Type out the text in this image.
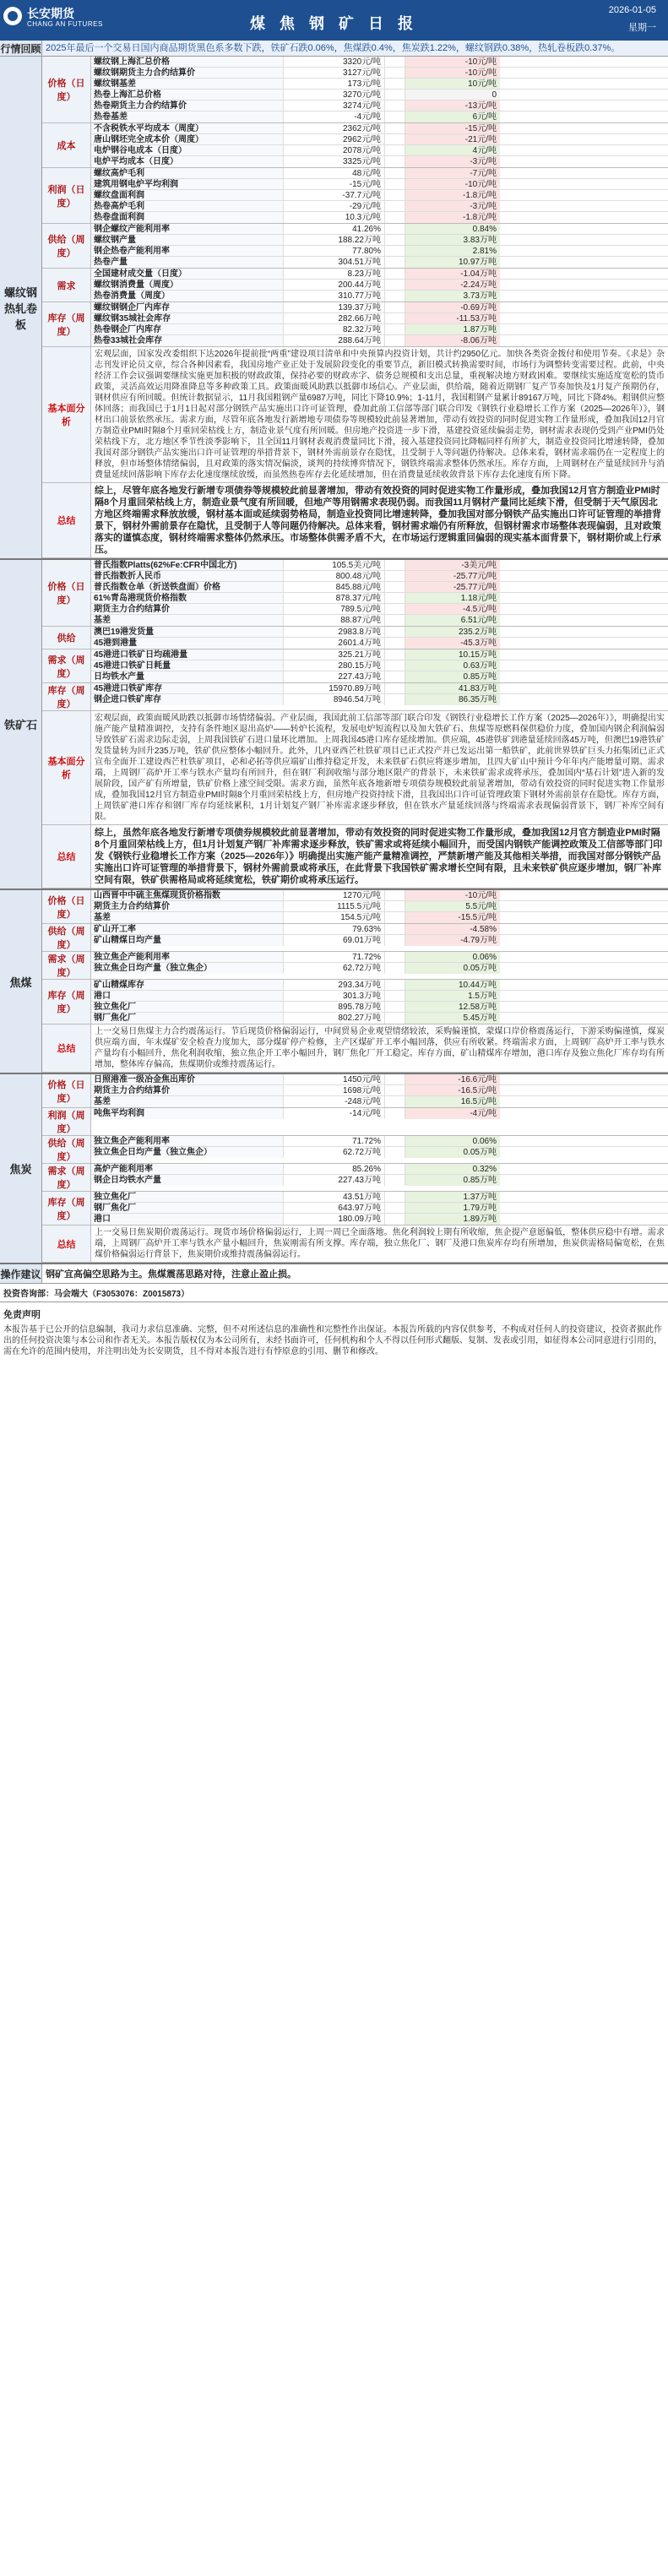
长安期货
CHANG AN FUTURES	煤 焦 钢 矿 日 报
2026-01-05
星期一
行情回顾 2025年最后一个交易日国内商品期货黑色系多数下跌，铁矿石跌0.06%，焦煤跌0.4%，焦炭跌1.22%，螺纹钢跌0.38%，热轧卷板跌0.37%。
螺纹钢热轧卷板
价格（日度）
螺纹钢上海汇总价格	3320元/吨	-10元/吨
螺纹钢期货主力合约结算价	3127元/吨	-10元/吨
螺纹钢基差	173元/吨	10元/吨
热卷上海汇总价格	3270元/吨	0
热卷期货主力合约结算价	3274元/吨	-13元/吨
热卷基差	-4元/吨	6元/吨
成本
不含税铁水平均成本（周度）	2362元/吨	-15元/吨
唐山钢坯完全成本价（周度）	2962元/吨	-21元/吨
电炉钢谷电成本（日度）	2078元/吨	4元/吨
电炉平均成本（日度）	3325元/吨	-3元/吨
利润（日度）
螺纹高炉毛利	48元/吨	-7元/吨
建筑用钢电炉平均利润	-15元/吨	-10元/吨
螺纹盘面利润	-37.7元/吨	-1.8元/吨
热卷高炉毛利	-29元/吨	-3元/吨
热卷盘面利润	10.3元/吨	-1.8元/吨
供给（周度）
钢企螺纹产能利用率	41.26%	0.84%
螺纹钢产量	188.22万吨	3.83万吨
钢企热卷产能利用率	77.80%	2.81%
热卷产量	304.51万吨	10.97万吨
需求
全国建材成交量（日度）	8.23万吨	-1.04万吨
螺纹钢消费量（周度）	200.44万吨	-2.24万吨
热卷消费量（周度）	310.77万吨	3.73万吨
库存（周度）
螺纹钢钢企厂内库存	139.37万吨	-0.69万吨
螺纹钢35城社会库存	282.66万吨	-11.53万吨
热卷钢企厂内库存	82.32万吨	1.87万吨
热卷33城社会库存	288.64万吨	-8.06万吨
基本面分析
宏观层面，国家发改委组织下达2026年提前批“两重”建设项目清单和中央预算内投资计划，共计约2950亿元。加快各类资金拨付和使用节奏。《求是》杂志刊发评论员文章，综合各种因素看，我国房地产业正处于发展阶段变化的重要节点，新旧模式转换需要时间，市场行为调整转变需要过程。此前，中央经济工作会议强调要继续实施更加积极的财政政策，保持必要的财政赤字、债务总规模和支出总量，重视解决地方财政困难。要继续实施适度宽松的货币政策，灵活高效运用降准降息等多种政策工具。政策面暖风助跌以抵御市场信心。产业层面，供给端，随着近期钢厂复产节奏加快及1月复产预期仍存，钢材供应有所回暖。但统计数据显示，11月我国粗钢产量6987万吨，同比下降10.9%；1-11月，我国粗钢产量累计89167万吨，同比下降4%。粗钢供应整体回落；而我国已于1月1日起对部分钢铁产品实施出口许可证管理，叠加此前工信部等部门联合印发《钢铁行业稳增长工作方案（2025—2026年）》，钢材出口前景依然承压。需求方面，尽管年底各地发行新增地专项债券等规模较此前显著增加，带动有效投资的同时促进实物工作量形成，叠加我国12月官方制造业PMI时隔8个月重回荣枯线上方，制造业景气度有所回暖。但房地产投资进一步下滑，基建投资延续偏弱走势，钢材需求表现仍受到产业PMI仍处荣枯线下方，北方地区季节性淡季影响下，且全国11月钢材表观消费量同比下滑，接入基建投资同比降幅同样有所扩大，制造业投资同比增速转降，叠加我国对部分钢铁产品实施出口许可证管理的举措背景下，钢材外需前景存在隐忧，且受制于人等问题仍待解决。总体来看，钢材需求端仍在一定程度上的释放，但市场整体情绪偏弱，且对政策的落实情况偏淡，谈判的持续博弈情况下，钢铁终端需求整体仍然承压。库存方面，上周钢材在产量延续回升与消费量延续回落影响下库存去化速度继续放缓，而虽然热卷库存去化延续增加，但在消费量延续收敛背景下库存去化速度有所下降。
总结
综上，尽管年底各地发行新增专项债券等规模较此前显著增加，带动有效投资的同时促进实物工作量形成，叠加我国12月官方制造业PMI时隔8个月重回荣枯线上方，制造业景气度有所回暖，但地产等用钢需求表现仍弱。而我国11月钢材产量同比延续下滑，但受制于天气原因北方地区终端需求释放放缓，钢材基本面或延续弱势格局，制造业投资同比增速转降，叠加我国对部分钢铁产品实施出口许可证管理的举措背景下，钢材外需前景存在隐忧，且受制于人等问题仍待解决。总体来看，钢材需求端仍有所释放，但钢材需求市场整体表现偏弱，且对政策落实的谨慎态度，钢材终端需求整体仍然承压。市场整体供需矛盾不大，在市场运行逻辑重回偏弱的现实基本面背景下，钢材期价或上行承压。
铁矿石
价格（日度）
普氏指数Platts(62%Fe:CFR中国北方)	105.5美元/吨	-3美元/吨
普氏指数折人民币	800.48元/吨	-25.77元/吨
普氏指数仓单（折送铁盘面）价格	845.88元/吨	-25.77元/吨
61%青岛港现货价格指数	878.37元/吨	1.18元/吨
期货主力合约结算价	789.5元/吨	-4.5元/吨
基差	88.87元/吨	6.51元/吨
供给
澳巴19港发货量	2983.8万吨	235.2万吨
45港到港量	2601.4万吨	-45.3万吨
需求（周度）
45港进口铁矿日均疏港量	325.21万吨	10.15万吨
45港进口铁矿日耗量	280.15万吨	0.63万吨
日均铁水产量	227.43万吨	0.85万吨
库存（周度）
45港进口铁矿库存	15970.89万吨	41.83万吨
钢企进口铁矿库存	8946.54万吨	86.35万吨
基本面分析
宏观层面，政策面暖风助跌以抵御市场情绪偏弱。产业层面，我国此前工信部等部门联合印发《钢铁行业稳增长工作方案（2025—2026年）》，明确提出实施产能产量精准调控，支持有条件地区退出高炉——转炉长流程，发展电炉短流程以及加大铁矿石、焦煤等原燃料保供稳价力度，叠加国内钢企利润偏弱导致铁矿石需求边际走弱，上周我国铁矿石进口量环比增加。上周我国45港口库存延续增加。供应端，45港铁矿到港量延续回落45万吨，但澳巴19港铁矿发货量转为回升235万吨，铁矿供应整体小幅回升。此外，几内亚西芒杜铁矿项目已正式投产并已发运出第一船铁矿，此前世界铁矿巨头力拓集团已正式宣布全面开工建设西芒杜铁矿项目，必和必拓等供应端矿山维持稳定开发，未来铁矿石供应将逐步增加，且四大矿山中预计今年年内产能增量可期。需求端，上周钢厂高炉开工率与铁水产量均有所回升，但在钢厂利润收缩与部分地区限产的背景下，未来铁矿需求或将承压，叠加国内“基石计划”进入新的发展阶段，国产矿有所增量，铁矿价格上涨空间受限。需求方面，虽然年底各地新增专项债券规模较此前显著增加，带动有效投资的同时促进实物工作量形成，叠加我国12月官方制造业PMI时隔8个月重回荣枯线上方，但房地产投资持续下滑，且我国出口许可证管理政策下钢材外需前景存在隐忧。库存方面，上周铁矿港口库存和钢厂库存均延续累积，1月计划复产钢厂补库需求逐步释放，但在铁水产量延续回落与终端需求表现偏弱背景下，钢厂补库空间有限。
总结
综上，虽然年底各地发行新增专项债券规模较此前显著增加，带动有效投资的同时促进实物工作量形成，叠加我国12月官方制造业PMI时隔8个月重回荣枯线上方，但1月计划复产钢厂补库需求逐步释放，铁矿需求或将延续小幅回升，而受国内钢铁产能调控政策及工信部等部门印发《钢铁行业稳增长工作方案（2025—2026年）》明确提出实施产能产量精准调控，严禁新增产能及其他相关举措，而我国对部分钢铁产品实施出口许可证管理的举措背景下，钢材外需前景或将承压，在此背景下我国铁矿需求增长空间有限，且未来铁矿供应逐步增加，钢厂补库空间有限，铁矿供需格局或将延续宽松，铁矿期价或将承压运行。
焦煤
价格（日度）
山西晋中中硫主焦煤现货价格指数	1270元/吨	-10元/吨
期货主力合约结算价	1115.5元/吨	5.5元/吨
基差	154.5元/吨	-15.5元/吨
供给（周度）
矿山开工率	79.63%	-4.58%
矿山精煤日均产量	69.01万吨	-4.79万吨
需求（周度）
独立焦企产能利用率	71.72%	0.06%
独立焦企日均产量（独立焦企）	62.72万吨	0.05万吨
库存（周度）
矿山精煤库存	293.34万吨	10.44万吨
港口	301.3万吨	1.5万吨
独立焦化厂	895.78万吨	12.58万吨
钢厂焦化厂	802.27万吨	5.45万吨
总结
上一交易日焦煤主力合约震荡运行。节后现货价格偏弱运行，中间贸易企业观望情绪较浓，采购偏谨慎，蒙煤口岸价格震荡运行，下游采购偏谨慎，煤炭供应端方面，年末煤矿安全检查力度加大，部分煤矿停产检修，主产区煤矿开工率小幅回落，供应有所收紧。终端需求方面，上周钢厂高炉开工率与铁水产量均有小幅回升，焦化利润收缩，独立焦企开工率小幅回升，钢厂焦化厂开工稳定。库存方面，矿山精煤库存增加，港口库存及独立焦化厂库存均有所增加，整体库存偏高，焦煤期价或维持震荡运行。
焦炭
价格（日度）
日照港准一级冶金焦出库价	1450元/吨	-16.6元/吨
期货主力合约结算价	1698元/吨	-16.5元/吨
基差	-248元/吨	16.5元/吨
利润（周度）
吨焦平均利润	-14元/吨	-4元/吨
供给（周度）
独立焦企产能利用率	71.72%	0.06%
独立焦企日均产量（独立焦企）	62.72万吨	0.05万吨
需求（周度）
高炉产能利用率	85.26%	0.32%
钢企日均铁水产量	227.43万吨	0.85万吨
库存（周度）
独立焦化厂	43.51万吨	1.37万吨
钢厂焦化厂	643.97万吨	1.79万吨
港口	180.09万吨	1.89万吨
总结
上一交易日焦炭期价震荡运行。现货市场价格偏弱运行，上周一周已全面落地。焦化利润较上期有所收缩，焦企提产意愿偏低，整体供应稳中有增。需求端，上周钢厂高炉开工率与铁水产量小幅回升，焦炭刚需有所支撑。库存端，独立焦化厂、钢厂及港口焦炭库存均有所增加，焦炭供需格局偏宽松，在焦煤价格偏弱运行背景下，焦炭期价或维持震荡偏弱运行。
操作建议 钢矿宜高偏空思路为主。焦煤震荡思路对待，注意止盈止损。
投资咨询部：马会端大（F3053076：Z0015873）
免责声明
本报告基于已公开的信息编制，我司力求信息准确、完整，但不对所述信息的准确性和完整性作出保证。本报告所载的内容仅供参考，不构成对任何人的投资建议，投资者据此作出的任何投资决策与本公司和作者无关。本报告版权仅为本公司所有，未经书面许可，任何机构和个人不得以任何形式翻版、复制、发表或引用，如征得本公司同意进行引用的，需在允许的范围内使用，并注明出处为长安期货，且不得对本报告进行有悖原意的引用、删节和修改。
